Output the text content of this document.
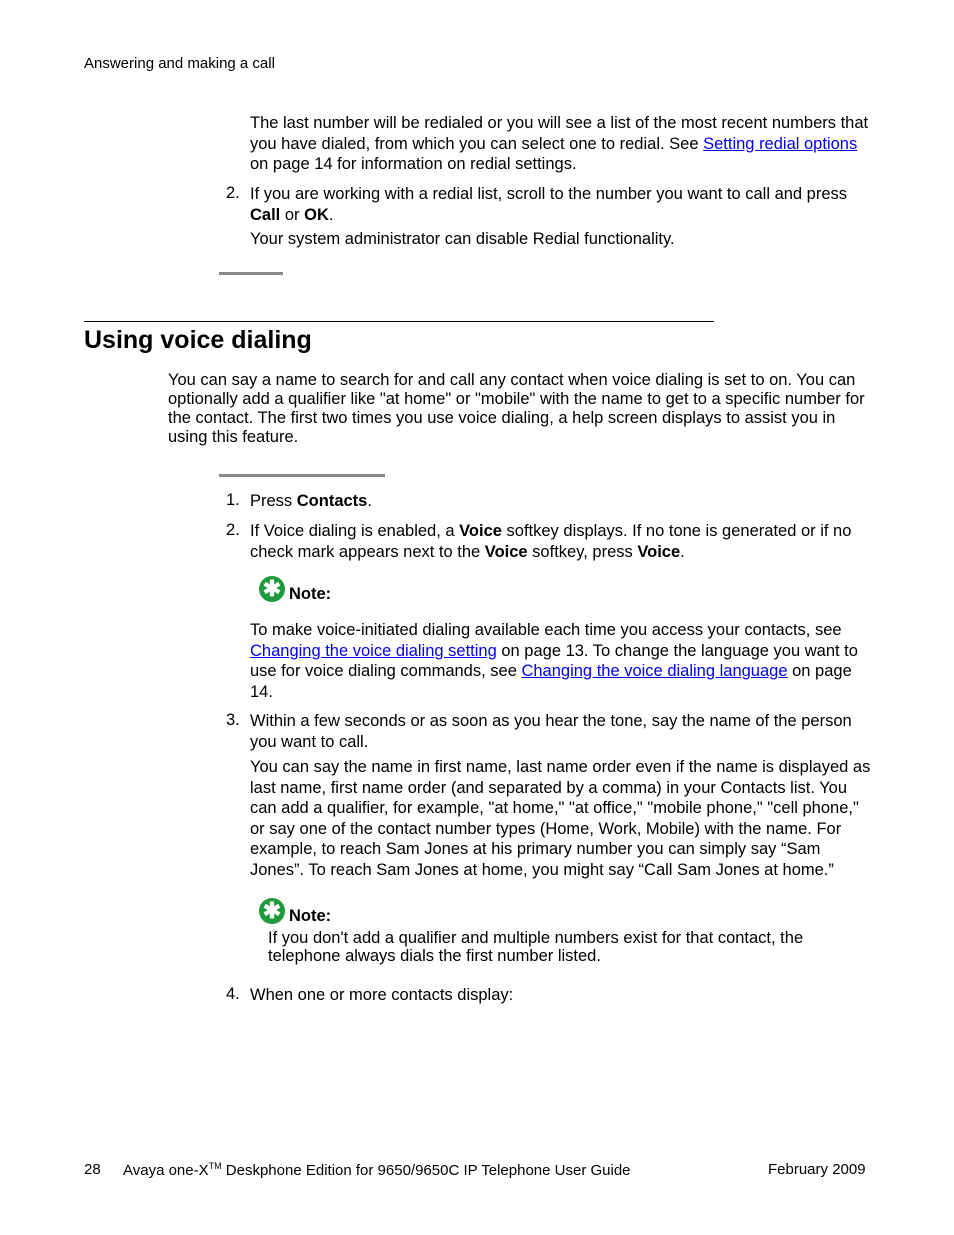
Answering and making a call
The last number will be redialed or you will see a list of the most recent numbers that you have dialed, from which you can select one to redial. See Setting redial options on page 14 for information on redial settings.
2. If you are working with a redial list, scroll to the number you want to call and press Call or OK.
Your system administrator can disable Redial functionality.
Using voice dialing
You can say a name to search for and call any contact when voice dialing is set to on. You can optionally add a qualifier like "at home" or "mobile" with the name to get to a specific number for the contact. The first two times you use voice dialing, a help screen displays to assist you in using this feature.
1. Press Contacts.
2. If Voice dialing is enabled, a Voice softkey displays. If no tone is generated or if no check mark appears next to the Voice softkey, press Voice.
✱ Note:
To make voice-initiated dialing available each time you access your contacts, see Changing the voice dialing setting on page 13. To change the language you want to use for voice dialing commands, see Changing the voice dialing language on page 14.
3. Within a few seconds or as soon as you hear the tone, say the name of the person you want to call.
You can say the name in first name, last name order even if the name is displayed as last name, first name order (and separated by a comma) in your Contacts list. You can add a qualifier, for example, "at home," "at office," "mobile phone," "cell phone," or say one of the contact number types (Home, Work, Mobile) with the name. For example, to reach Sam Jones at his primary number you can simply say “Sam Jones”. To reach Sam Jones at home, you might say “Call Sam Jones at home.”
✱ Note:
If you don't add a qualifier and multiple numbers exist for that contact, the telephone always dials the first number listed.
4. When one or more contacts display:
28 Avaya one-X™ Deskphone Edition for 9650/9650C IP Telephone User Guide	February 2009
